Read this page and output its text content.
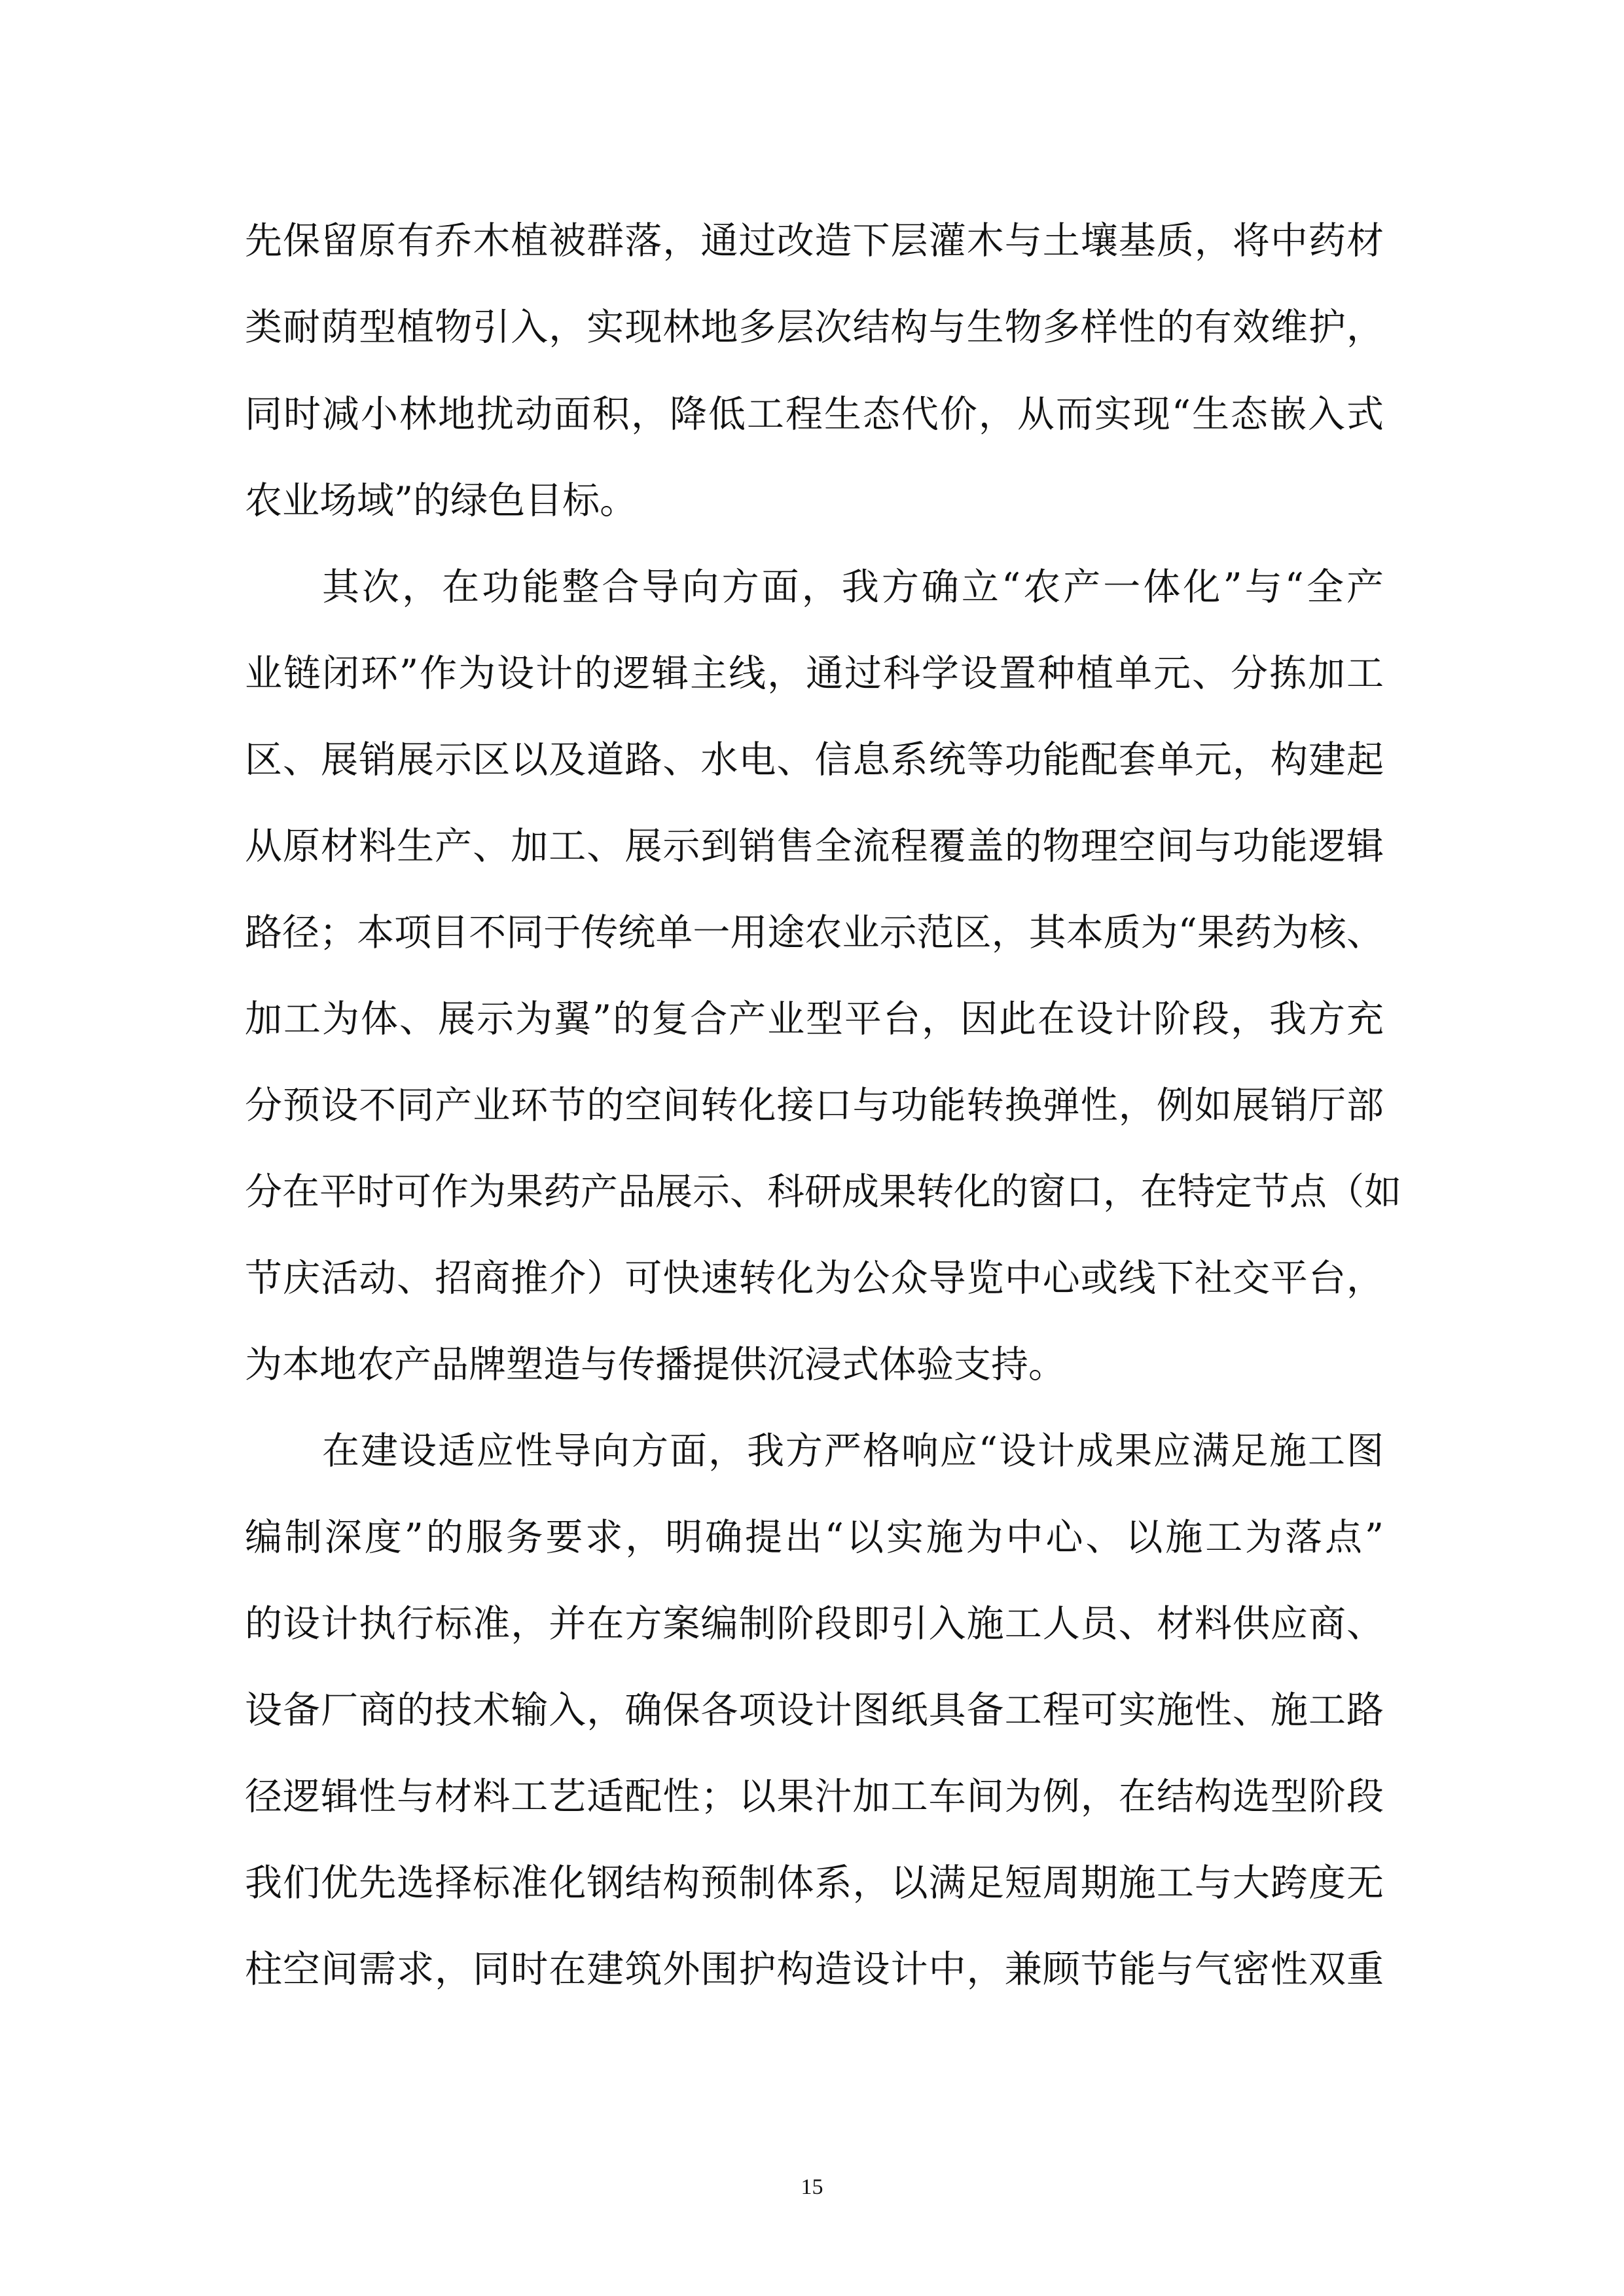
先保留原有乔木植被群落，通过改造下层灌木与土壤基质，将中药材
类耐荫型植物引入，实现林地多层次结构与生物多样性的有效维护，
同时减小林地扰动面积，降低工程生态代价，从而实现“生态嵌入式
农业场域”的绿色目标。
其次，在功能整合导向方面，我方确立“农产一体化”与“全产
业链闭环”作为设计的逻辑主线，通过科学设置种植单元、分拣加工
区、展销展示区以及道路、水电、信息系统等功能配套单元，构建起
从原材料生产、加工、展示到销售全流程覆盖的物理空间与功能逻辑
路径；本项目不同于传统单一用途农业示范区，其本质为“果药为核、
加工为体、展示为翼”的复合产业型平台，因此在设计阶段，我方充
分预设不同产业环节的空间转化接口与功能转换弹性，例如展销厅部
分在平时可作为果药产品展示、科研成果转化的窗口，在特定节点（如
节庆活动、招商推介）可快速转化为公众导览中心或线下社交平台，
为本地农产品牌塑造与传播提供沉浸式体验支持。
在建设适应性导向方面，我方严格响应“设计成果应满足施工图
编制深度”的服务要求，明确提出“以实施为中心、以施工为落点”
的设计执行标准，并在方案编制阶段即引入施工人员、材料供应商、
设备厂商的技术输入，确保各项设计图纸具备工程可实施性、施工路
径逻辑性与材料工艺适配性；以果汁加工车间为例，在结构选型阶段
我们优先选择标准化钢结构预制体系，以满足短周期施工与大跨度无
柱空间需求，同时在建筑外围护构造设计中，兼顾节能与气密性双重
15
